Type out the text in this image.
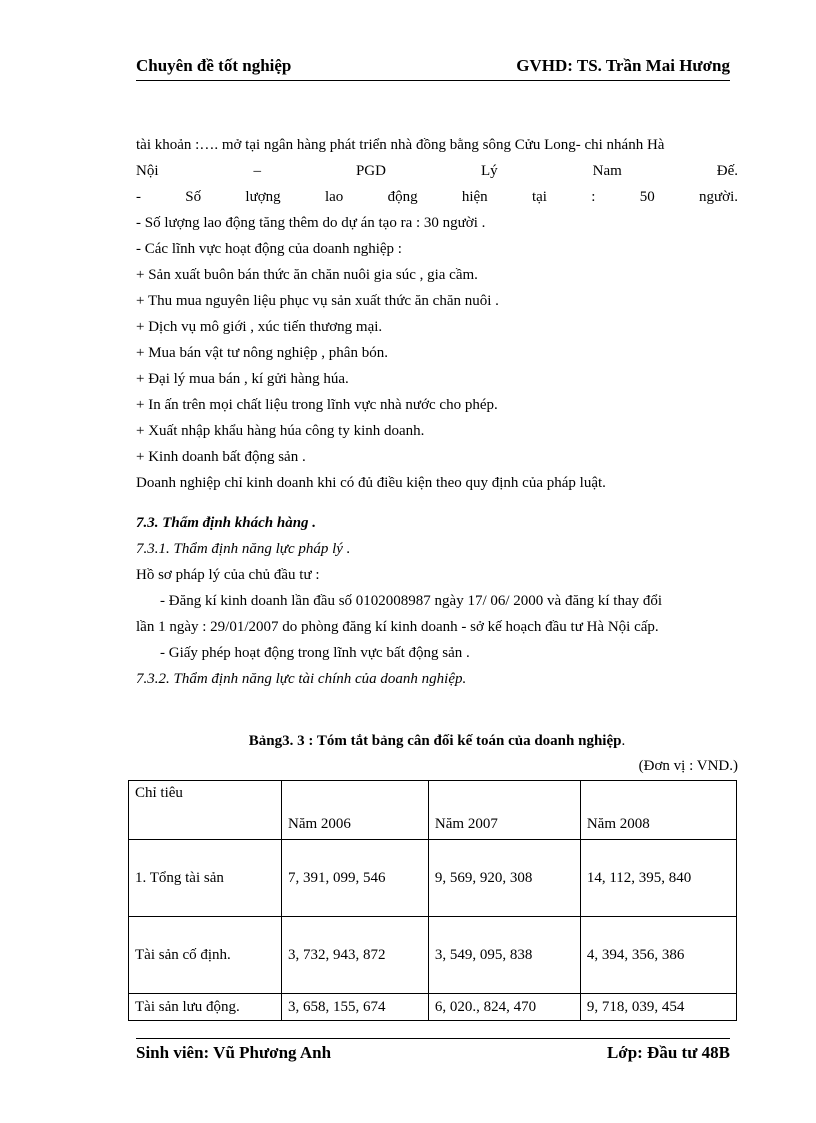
Chuyên đề tốt nghiệp	GVHD: TS. Trần Mai Hương
tài khoản :…. mở tại ngân hàng phát triển nhà đồng bằng sông Cửu Long- chi nhánh Hà
Nội – PGD Lý Nam Đế.
- Số lượng lao động hiện tại : 50 người.
- Số lượng lao động tăng thêm do dự án tạo ra : 30 người .
- Các lĩnh vực hoạt động của doanh nghiệp :
+ Sản xuất buôn bán thức ăn chăn nuôi gia súc , gia cầm.
+ Thu mua nguyên liệu phục vụ sản xuất thức ăn chăn nuôi .
+ Dịch vụ mô giới , xúc tiến thương mại.
+ Mua bán vật tư nông nghiệp , phân bón.
+ Đại lý mua bán , kí gửi hàng húa.
+ In ấn trên mọi chất liệu trong lĩnh vực nhà nước cho phép.
+ Xuất nhập khẩu hàng húa công ty kinh doanh.
+ Kinh doanh bất động sản .
Doanh nghiệp chỉ kinh doanh khi có đủ điều kiện theo quy định của pháp luật.
7.3. Thẩm định khách hàng .
7.3.1. Thẩm định năng lực pháp lý .
Hồ sơ pháp lý của chủ đầu tư :
- Đăng kí kinh doanh lần đầu số 0102008987 ngày 17/ 06/ 2000 và đăng kí thay đổi
lần 1 ngày : 29/01/2007 do phòng đăng kí kinh doanh - sở kế hoạch đầu tư Hà Nội cấp.
- Giấy phép hoạt động trong lĩnh vực bất động sản .
7.3.2. Thẩm định năng lực tài chính của doanh nghiệp.
Bảng3. 3 : Tóm tắt bảng cân đối kế toán của doanh nghiệp.
(Đơn vị : VND.)
Chỉ tiêu	Năm 2006	Năm 2007	Năm 2008
1. Tổng tài sản	7, 391, 099, 546	9, 569, 920, 308	14, 112, 395, 840
Tài sản cố định.	3, 732, 943, 872	3, 549, 095, 838	4, 394, 356, 386
Tài sản lưu động.	3, 658, 155, 674	6, 020., 824, 470	9, 718, 039, 454
Sinh viên: Vũ Phương Anh	Lớp: Đầu tư 48B
